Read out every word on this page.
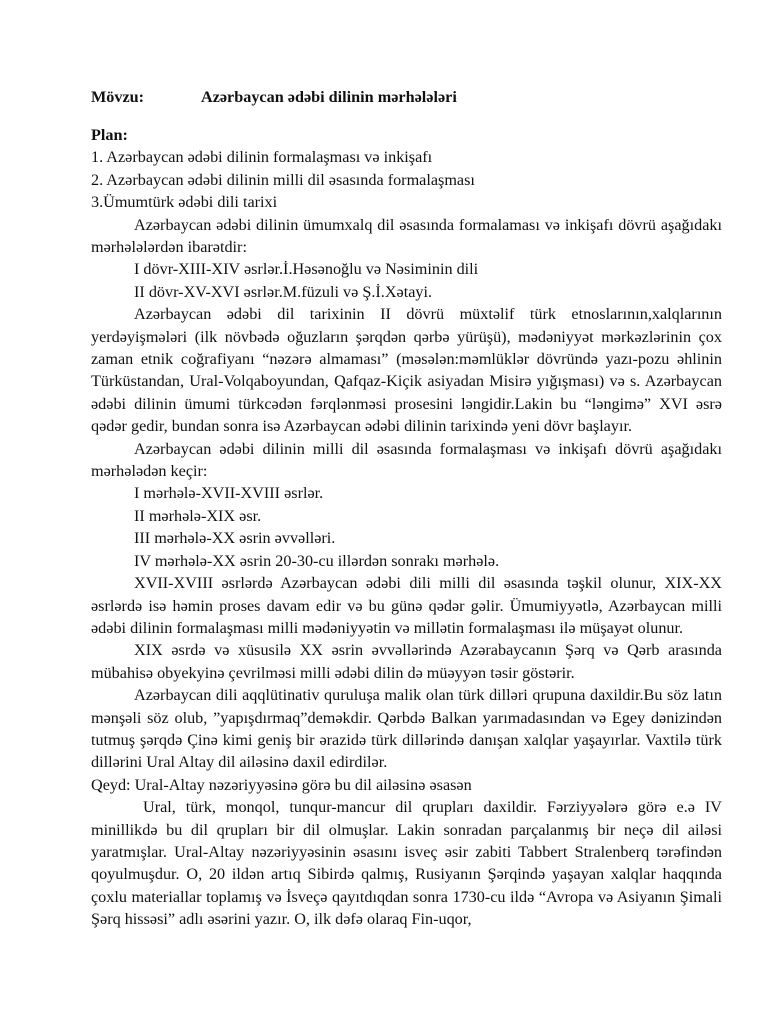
Mövzu:	Azərbaycan ədəbi dilinin mərhələləri
Plan:
1. Azərbaycan ədəbi dilinin formalaşması və inkişafı
2. Azərbaycan ədəbi dilinin milli dil əsasında formalaşması
3.Ümumtürk ədəbi dili tarixi

Azərbaycan ədəbi dilinin ümumxalq dil əsasında formalaması və inkişafı dövrü aşağıdakı mərhələlərdən ibarətdir:

I dövr-XIII-XIV əsrlər.İ.Həsənoğlu və Nəsiminin dili
II dövr-XV-XVI əsrlər.M.füzuli və Ş.İ.Xətayi.

Azərbaycan ədəbi dil tarixinin II dövrü müxtəlif türk etnoslarının,xalqlarının yerdəyişmələri (ilk növbədə oğuzların şərqdən qərbə yürüşü), mədəniyyət mərkəzlərinin çox zaman etnik coğrafiyanı “nəzərə almaması” (məsələn:məmlüklər dövründə yazı-pozu əhlinin Türküstandan, Ural-Volqaboyundan, Qafqaz-Kiçik asiyadan Misirə yığışması) və s. Azərbaycan ədəbi dilinin ümumi türkcədən fərqlənməsi prosesini ləngidir.Lakin bu “ləngimə” XVI əsrə qədər gedir, bundan sonra isə Azərbaycan ədəbi dilinin tarixində yeni dövr başlayır.

Azərbaycan ədəbi dilinin milli dil əsasında formalaşması və inkişafı dövrü aşağıdakı mərhələdən keçir:

I mərhələ-XVII-XVIII əsrlər.
II mərhələ-XIX əsr.
III mərhələ-XX əsrin əvvəlləri.
IV mərhələ-XX əsrin 20-30-cu illərdən sonrakı mərhələ.

XVII-XVIII əsrlərdə Azərbaycan ədəbi dili milli dil əsasında təşkil olunur, XIX-XX əsrlərdə isə həmin proses davam edir və bu günə qədər gəlir. Ümumiyyətlə, Azərbaycan milli ədəbi dilinin formalaşması milli mədəniyyətin və millətin formalaşması ilə müşayət olunur.

XIX əsrdə və xüsusilə XX əsrin əvvəllərində Azərabaycanın Şərq və Qərb arasında mübahisə obyekyinə çevrilməsi milli ədəbi dilin də müəyyən təsir göstərir.

Azərbaycan dili aqqlütinativ quruluşa malik olan türk dilləri qrupuna daxildir.Bu söz latın mənşəli söz olub, ”yapışdırmaq”deməkdir. Qərbdə Balkan yarımadasından və Egey dənizindən tutmuş şərqdə Çinə kimi geniş bir ərazidə türk dillərində danışan xalqlar yaşayırlar. Vaxtilə türk dillərini Ural Altay dil ailəsinə daxil edirdilər.

Qeyd: Ural-Altay nəzəriyyəsinə görə bu dil ailəsinə əsasən

Ural, türk, monqol, tunqur-mancur dil qrupları daxildir. Fərziyyələrə görə e.ə IV minillikdə bu dil qrupları bir dil olmuşlar. Lakin sonradan parçalanmış bir neçə dil ailəsi yaratmışlar. Ural-Altay nəzəriyyəsinin əsasını isveç əsir zabiti Tabbert Stralenberq tərəfindən qoyulmuşdur. O, 20 ildən artıq Sibirdə qalmış, Rusiyanın Şərqində yaşayan xalqlar haqqında çoxlu materiallar toplamış və İsveçə qayıtdıqdan sonra 1730-cu ildə “Avropa və Asiyanın Şimali Şərq hissəsi” adlı əsərini yazır. O, ilk dəfə olaraq Fin-uqor,
